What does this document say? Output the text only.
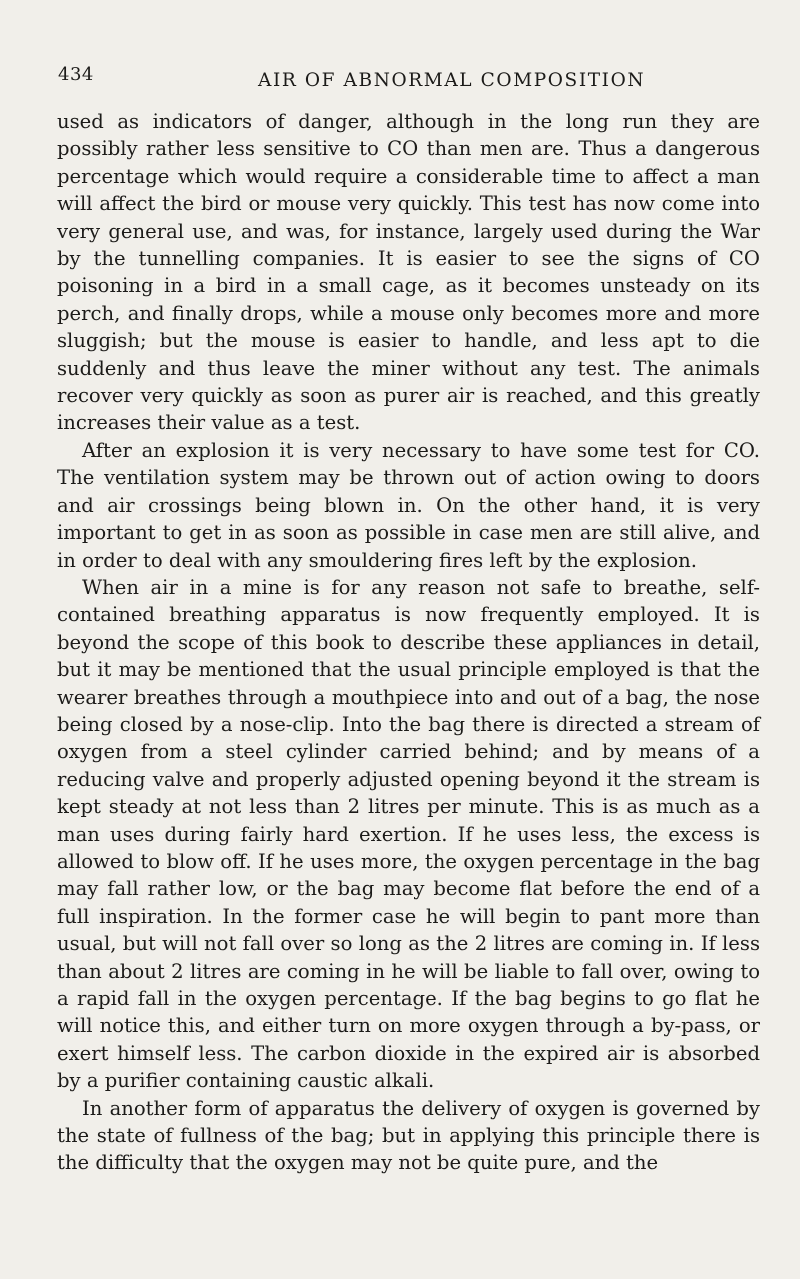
434	AIR OF ABNORMAL COMPOSITION

used as indicators of danger, although in the long run they are possibly rather less sensitive to CO than men are. Thus a dangerous percentage which would require a considerable time to affect a man will affect the bird or mouse very quickly. This test has now come into very general use, and was, for instance, largely used during the War by the tunnelling companies. It is easier to see the signs of CO poisoning in a bird in a small cage, as it becomes unsteady on its perch, and finally drops, while a mouse only becomes more and more sluggish; but the mouse is easier to handle, and less apt to die suddenly and thus leave the miner without any test. The animals recover very quickly as soon as purer air is reached, and this greatly increases their value as a test.

After an explosion it is very necessary to have some test for CO. The ventilation system may be thrown out of action owing to doors and air crossings being blown in. On the other hand, it is very important to get in as soon as possible in case men are still alive, and in order to deal with any smouldering fires left by the explosion.

When air in a mine is for any reason not safe to breathe, self-contained breathing apparatus is now frequently employed. It is beyond the scope of this book to describe these appliances in detail, but it may be mentioned that the usual principle employed is that the wearer breathes through a mouthpiece into and out of a bag, the nose being closed by a nose-clip. Into the bag there is directed a stream of oxygen from a steel cylinder carried behind; and by means of a reducing valve and properly adjusted opening beyond it the stream is kept steady at not less than 2 litres per minute. This is as much as a man uses during fairly hard exertion. If he uses less, the excess is allowed to blow off. If he uses more, the oxygen percentage in the bag may fall rather low, or the bag may become flat before the end of a full inspiration. In the former case he will begin to pant more than usual, but will not fall over so long as the 2 litres are coming in. If less than about 2 litres are coming in he will be liable to fall over, owing to a rapid fall in the oxygen percentage. If the bag begins to go flat he will notice this, and either turn on more oxygen through a by-pass, or exert himself less. The carbon dioxide in the expired air is absorbed by a purifier containing caustic alkali.

In another form of apparatus the delivery of oxygen is governed by the state of fullness of the bag; but in applying this principle there is the difficulty that the oxygen may not be quite pure, and the
